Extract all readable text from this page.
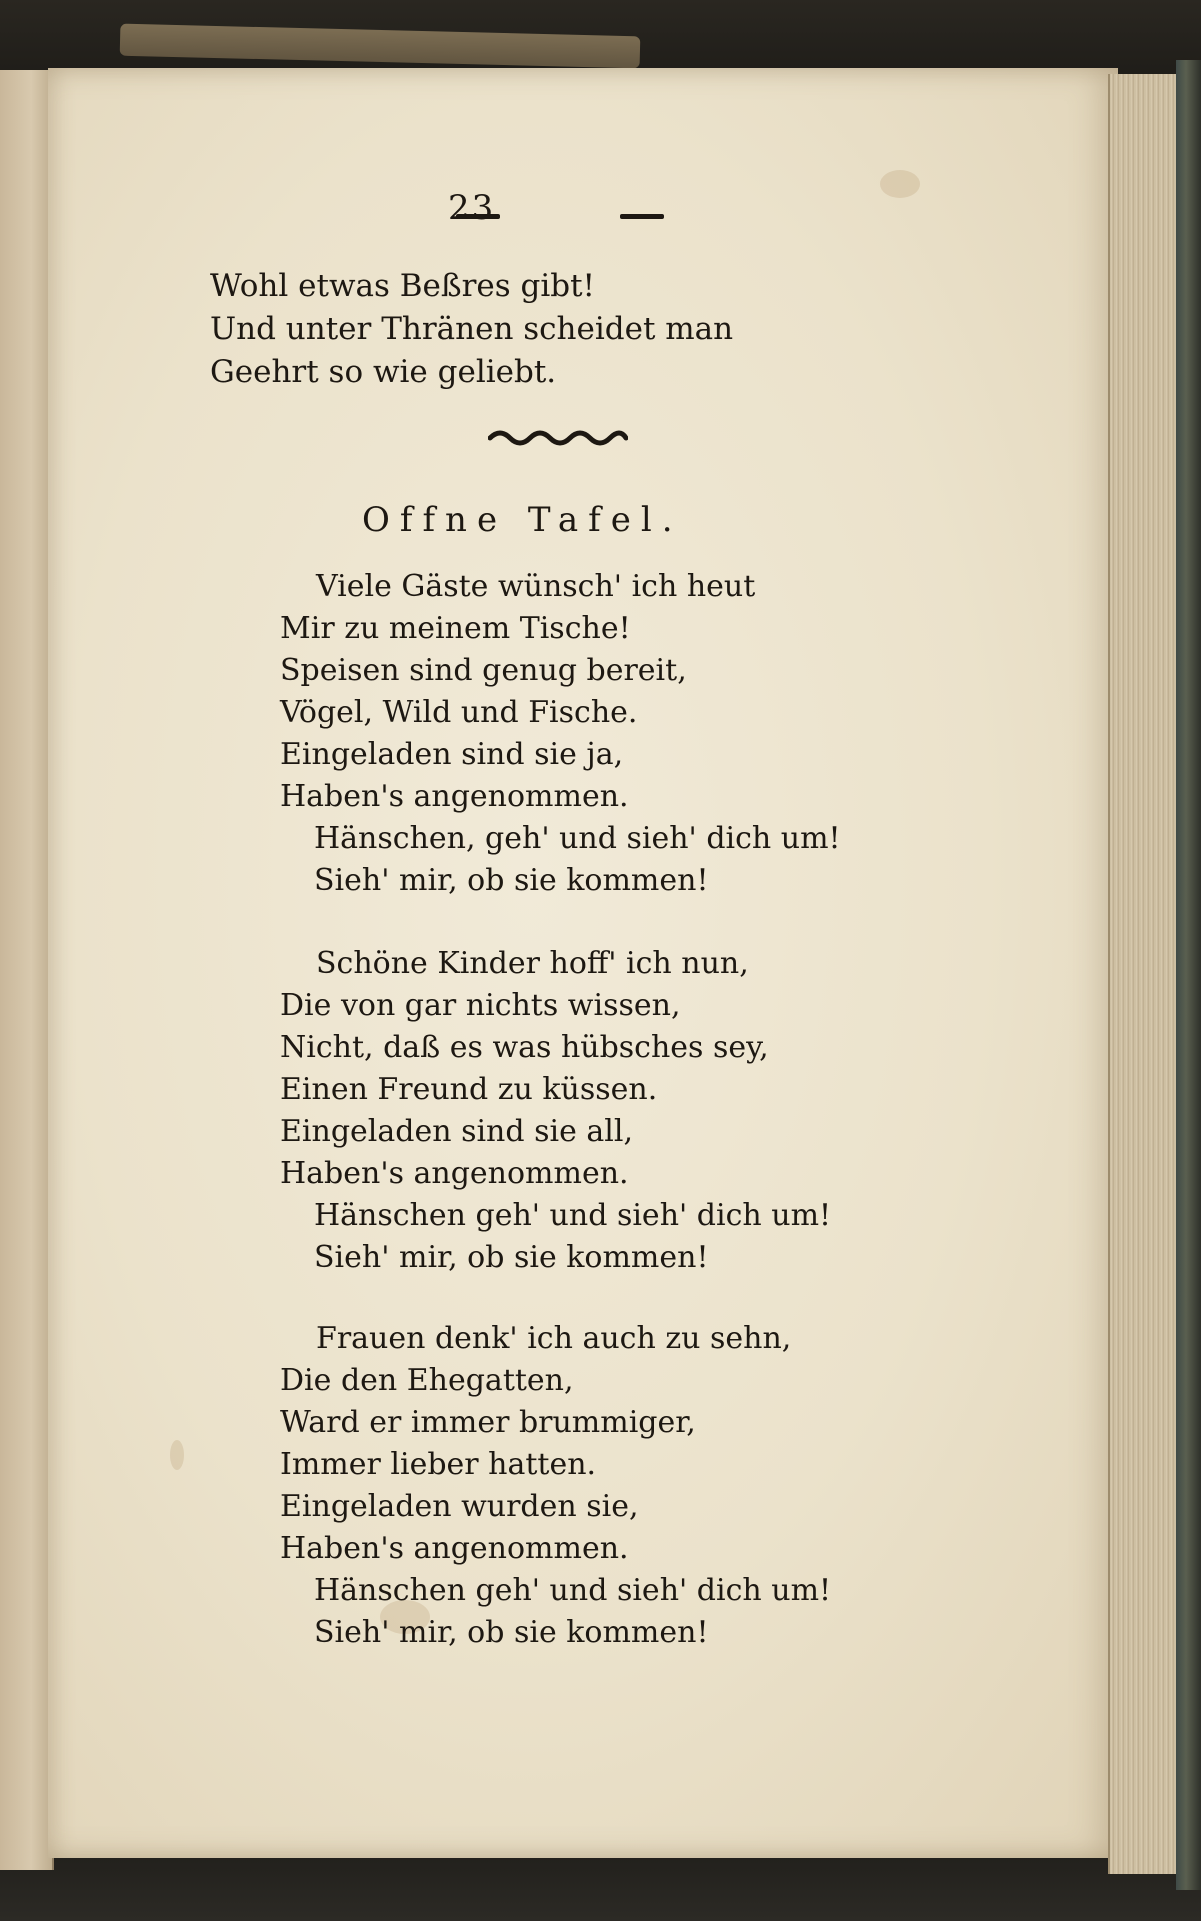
23
Wohl etwas Beßres gibt!
Und unter Thränen scheidet man
Geehrt so wie geliebt.
Offne Tafel.
Viele Gäste wünsch' ich heut
Mir zu meinem Tische!
Speisen sind genug bereit,
Vögel, Wild und Fische.
Eingeladen sind sie ja,
Haben's angenommen.
Hänschen, geh' und sieh' dich um!
Sieh' mir, ob sie kommen!
Schöne Kinder hoff' ich nun,
Die von gar nichts wissen,
Nicht, daß es was hübsches sey,
Einen Freund zu küssen.
Eingeladen sind sie all,
Haben's angenommen.
Hänschen geh' und sieh' dich um!
Sieh' mir, ob sie kommen!
Frauen denk' ich auch zu sehn,
Die den Ehegatten,
Ward er immer brummiger,
Immer lieber hatten.
Eingeladen wurden sie,
Haben's angenommen.
Hänschen geh' und sieh' dich um!
Sieh' mir, ob sie kommen!
